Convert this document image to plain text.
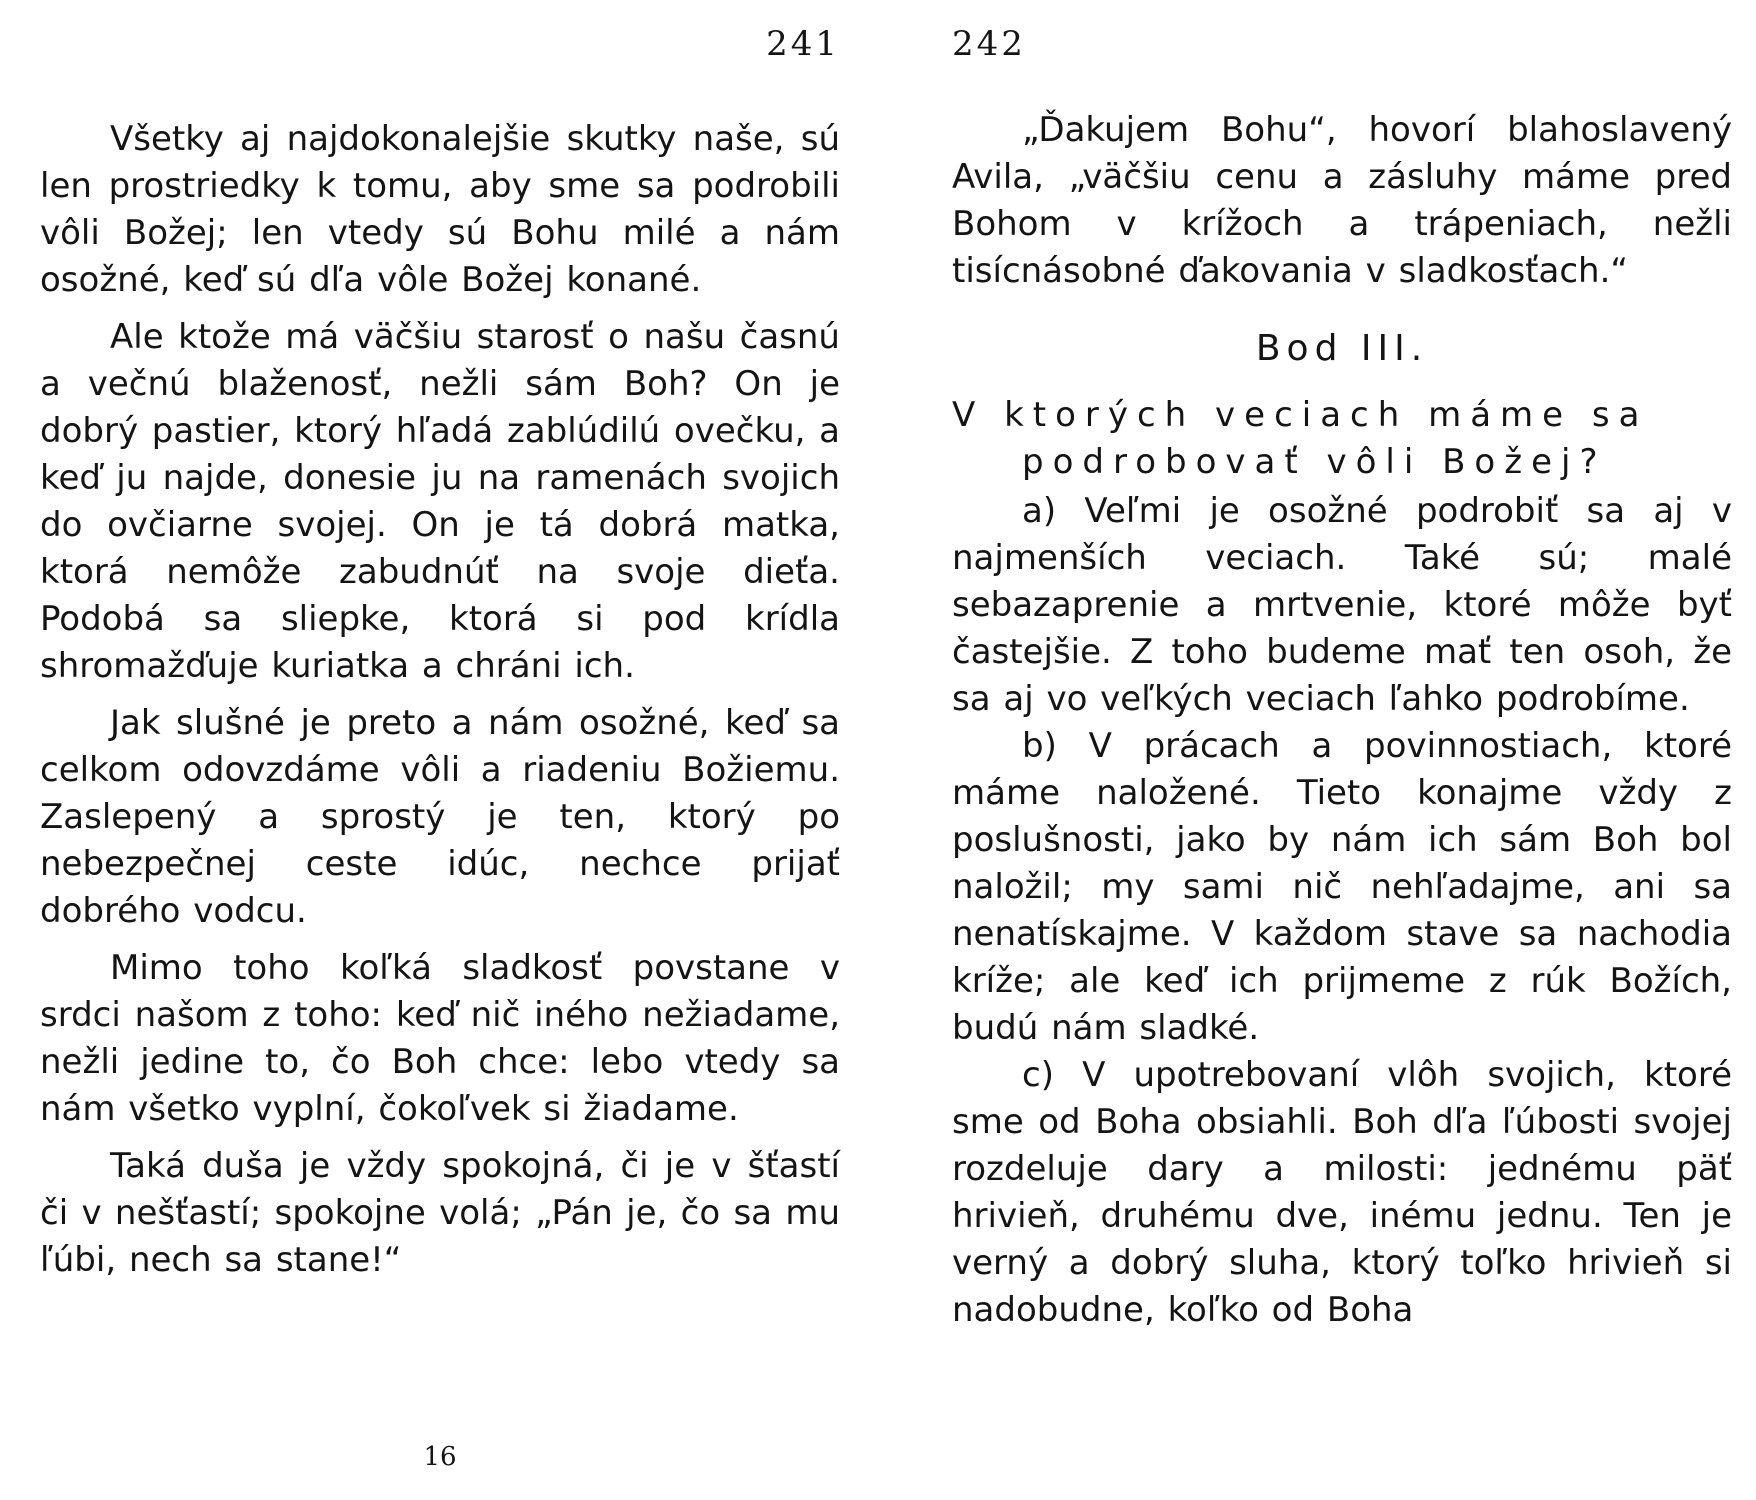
241

Všetky aj najdokonalejšie skutky naše, sú len prostriedky k tomu, aby sme sa podrobili vôli Božej; len vtedy sú Bohu milé a nám osožné, keď sú dľa vôle Božej konané.

Ale ktože má väčšiu starosť o našu časnú a večnú blaženosť, nežli sám Boh? On je dobrý pastier, ktorý hľadá zablúdilú ovečku, a keď ju najde, donesie ju na ramenách svojich do ovčiarne svojej. On je tá dobrá matka, ktorá nemôže zabudnúť na svoje dieťa. Podobá sa sliepke, ktorá si pod krídla shromažďuje kuriatka a chráni ich.

Jak slušné je preto a nám osožné, keď sa celkom odovzdáme vôli a riadeniu Božiemu. Zaslepený a sprostý je ten, ktorý po nebezpečnej ceste idúc, nechce prijať dobrého vodcu.

Mimo toho koľká sladkosť povstane v srdci našom z toho: keď nič iného nežiadame, nežli jedine to, čo Boh chce: lebo vtedy sa nám všetko vyplní, čokoľvek si žiadame.

Taká duša je vždy spokojná, či je v šťastí či v nešťastí; spokojne volá; „Pán je, čo sa mu ľúbi, nech sa stane!“

16
242

„Ďakujem Bohu“, hovorí blahoslavený Avila, „väčšiu cenu a zásluhy máme pred Bohom v krížoch a trápeniach, nežli tisícnásobné ďakovania v sladkosťach.“

Bod III.
V ktorých veciach máme sa
podrobovať vôli Božej?

a) Veľmi je osožné podrobiť sa aj v najmenších veciach. Také sú; malé sebazaprenie a mrtvenie, ktoré môže byť častejšie. Z toho budeme mať ten osoh, že sa aj vo veľkých veciach ľahko podrobíme.

b) V prácach a povinnostiach, ktoré máme naložené. Tieto konajme vždy z poslušnosti, jako by nám ich sám Boh bol naložil; my sami nič nehľadajme, ani sa nenatískajme. V každom stave sa nachodia kríže; ale keď ich prijmeme z rúk Božích, budú nám sladké.

c) V upotrebovaní vlôh svojich, ktoré sme od Boha obsiahli. Boh dľa ľúbosti svojej rozdeluje dary a milosti: jednému päť hrivieň, druhému dve, inému jednu. Ten je verný a dobrý sluha, ktorý toľko hrivieň si nadobudne, koľko od Boha
